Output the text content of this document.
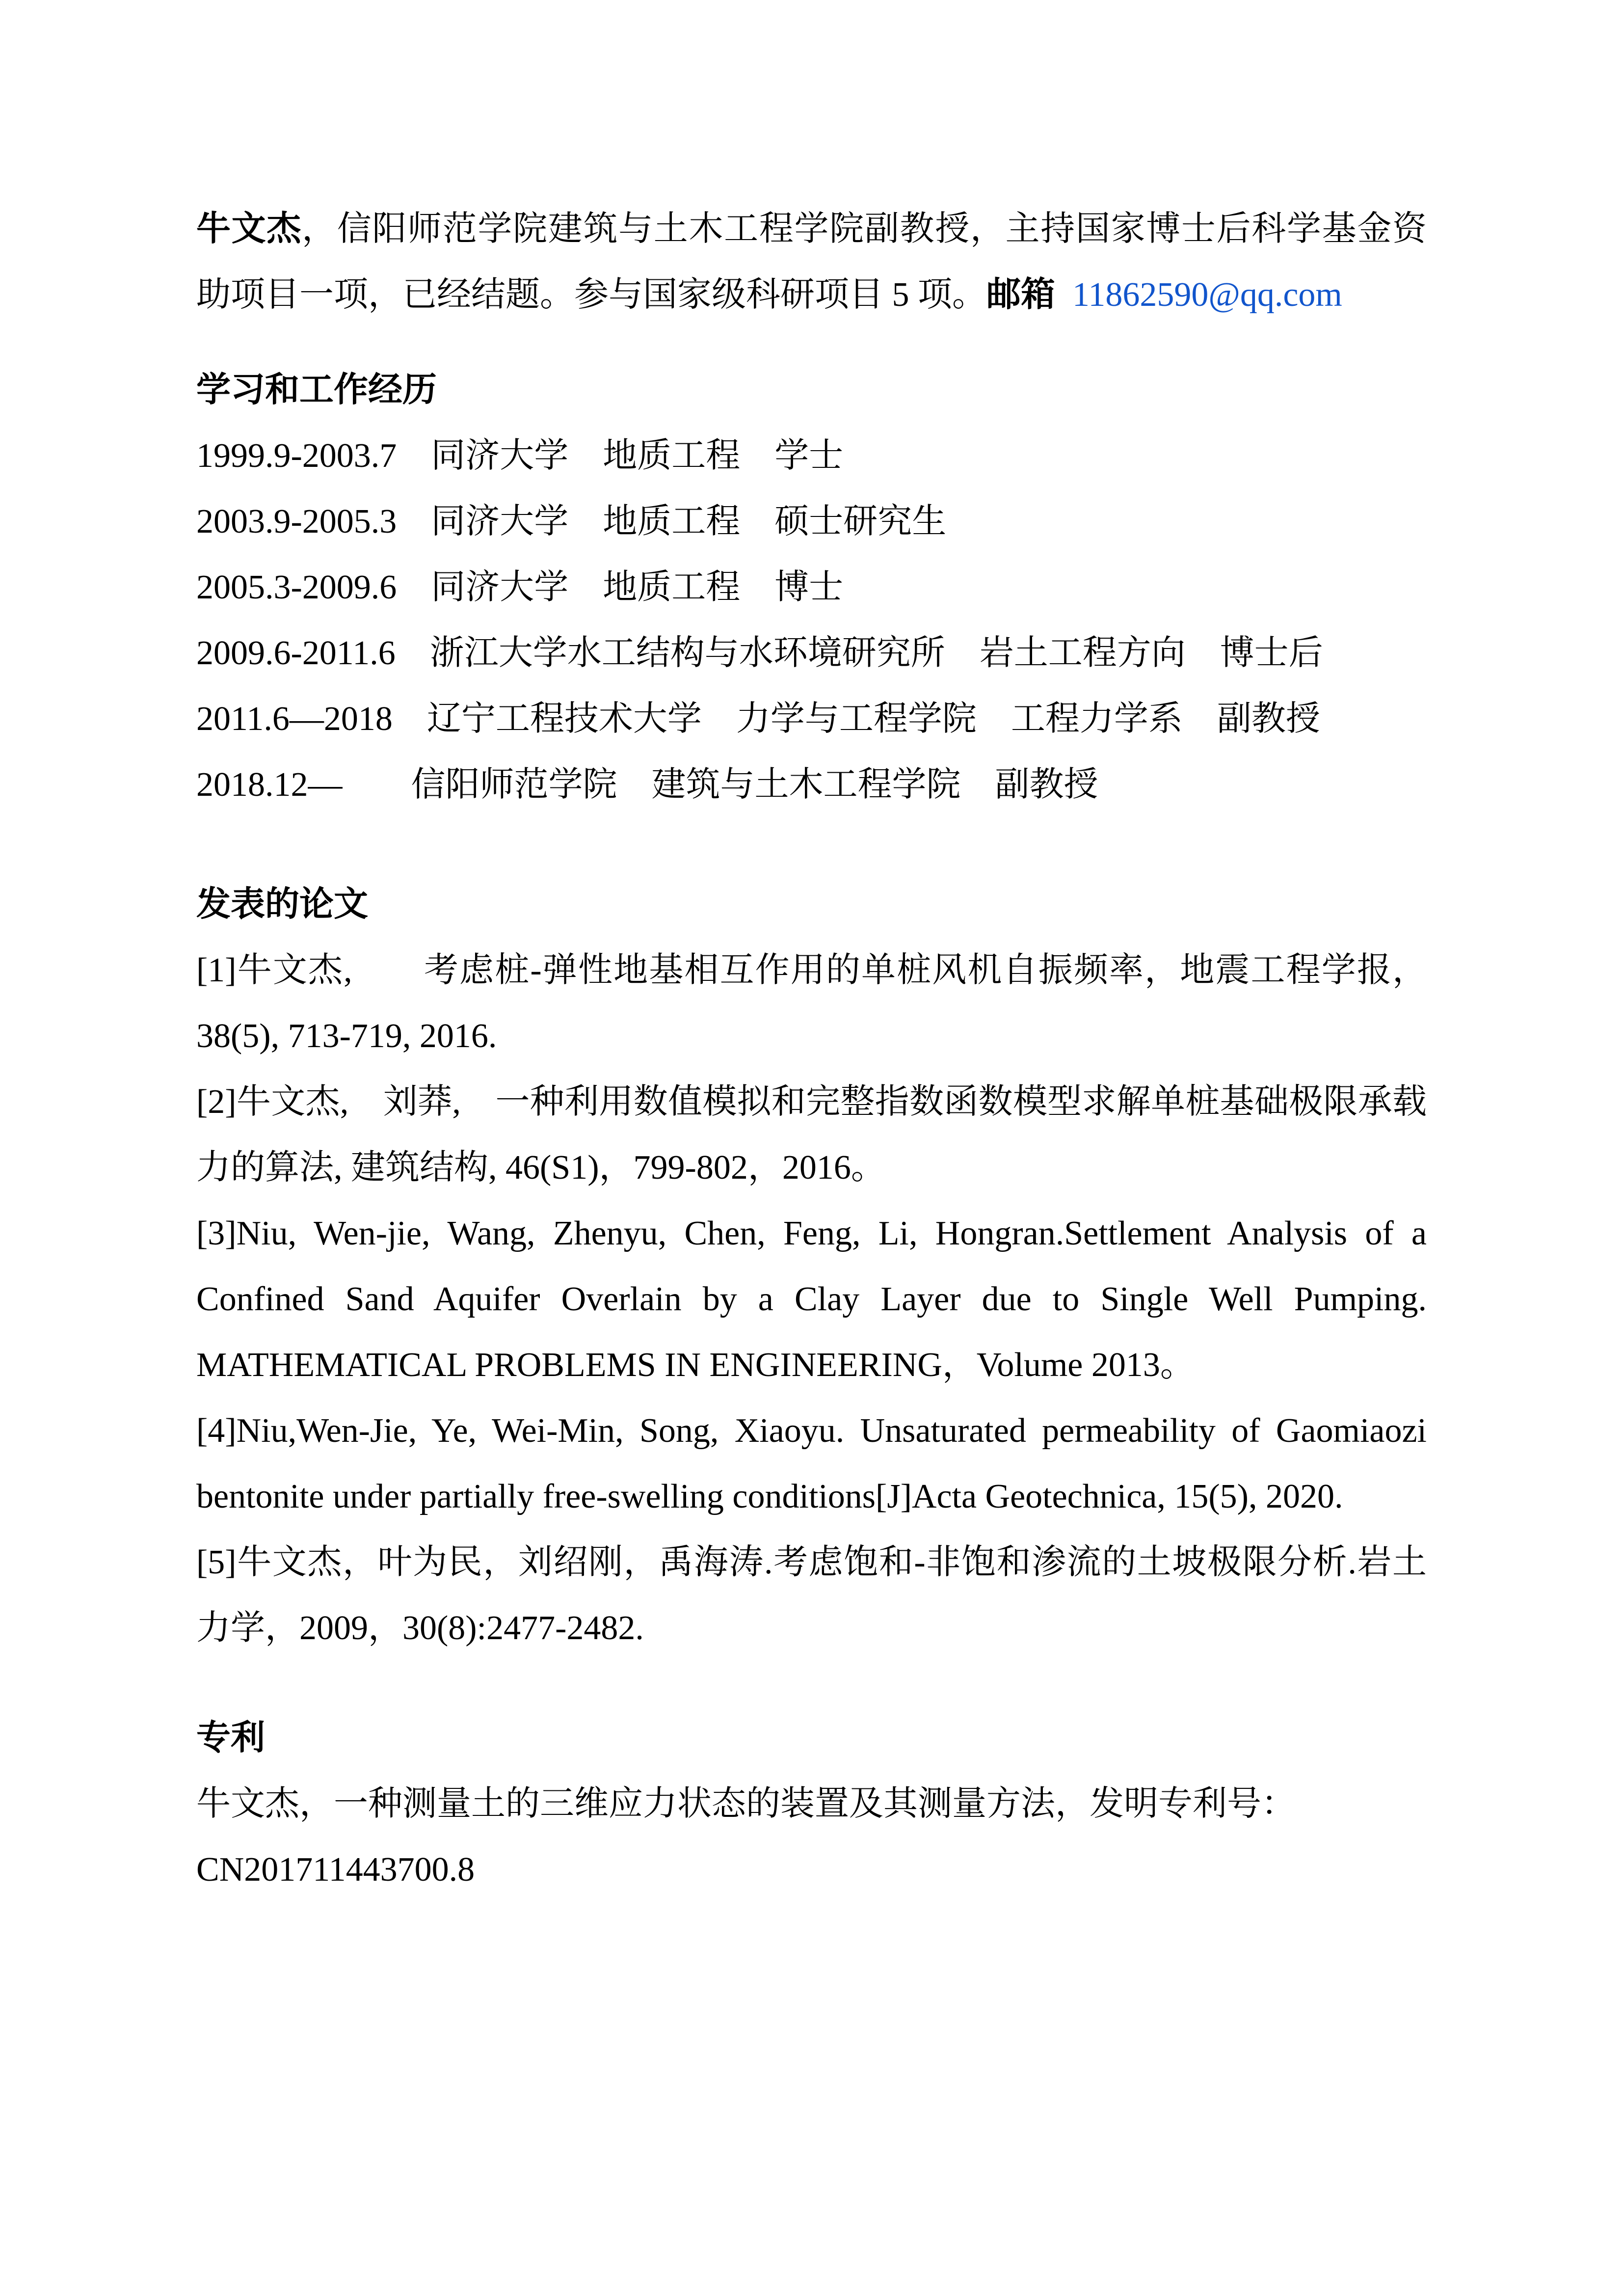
牛文杰，信阳师范学院建筑与土木工程学院副教授，主持国家博士后科学基金资助项目一项，已经结题。参与国家级科研项目 5 项。邮箱 11862590@qq.com

学习和工作经历
1999.9-2003.7　同济大学　地质工程　学士
2003.9-2005.3　同济大学　地质工程　硕士研究生
2005.3-2009.6　同济大学　地质工程　博士
2009.6-2011.6　浙江大学水工结构与水环境研究所　岩土工程方向　博士后
2011.6—2018　辽宁工程技术大学　力学与工程学院　工程力学系　副教授
2018.12—　　信阳师范学院　建筑与土木工程学院　副教授
发表的论文

[1]牛文杰,　　考虑桩-弹性地基相互作用的单桩风机自振频率，地震工程学报，38(5), 713-719, 2016.

[2]牛文杰,　刘莽,　一种利用数值模拟和完整指数函数模型求解单桩基础极限承载力的算法, 建筑结构, 46(S1)，799-802，2016。

[3]Niu, Wen-jie, Wang, Zhenyu, Chen, Feng, Li, Hongran.Settlement Analysis of a Confined Sand Aquifer Overlain by a Clay Layer due to Single Well Pumping. MATHEMATICAL PROBLEMS IN ENGINEERING，Volume 2013。

[4]Niu,Wen-Jie, Ye, Wei-Min, Song, Xiaoyu. Unsaturated permeability of Gaomiaozi bentonite under partially free-swelling conditions[J]Acta Geotechnica, 15(5), 2020.

[5]牛文杰，叶为民，刘绍刚，禹海涛.考虑饱和-非饱和渗流的土坡极限分析.岩土力学，2009，30(8):2477-2482.

专利

牛文杰，一种测量土的三维应力状态的装置及其测量方法，发明专利号：CN201711443700.8
